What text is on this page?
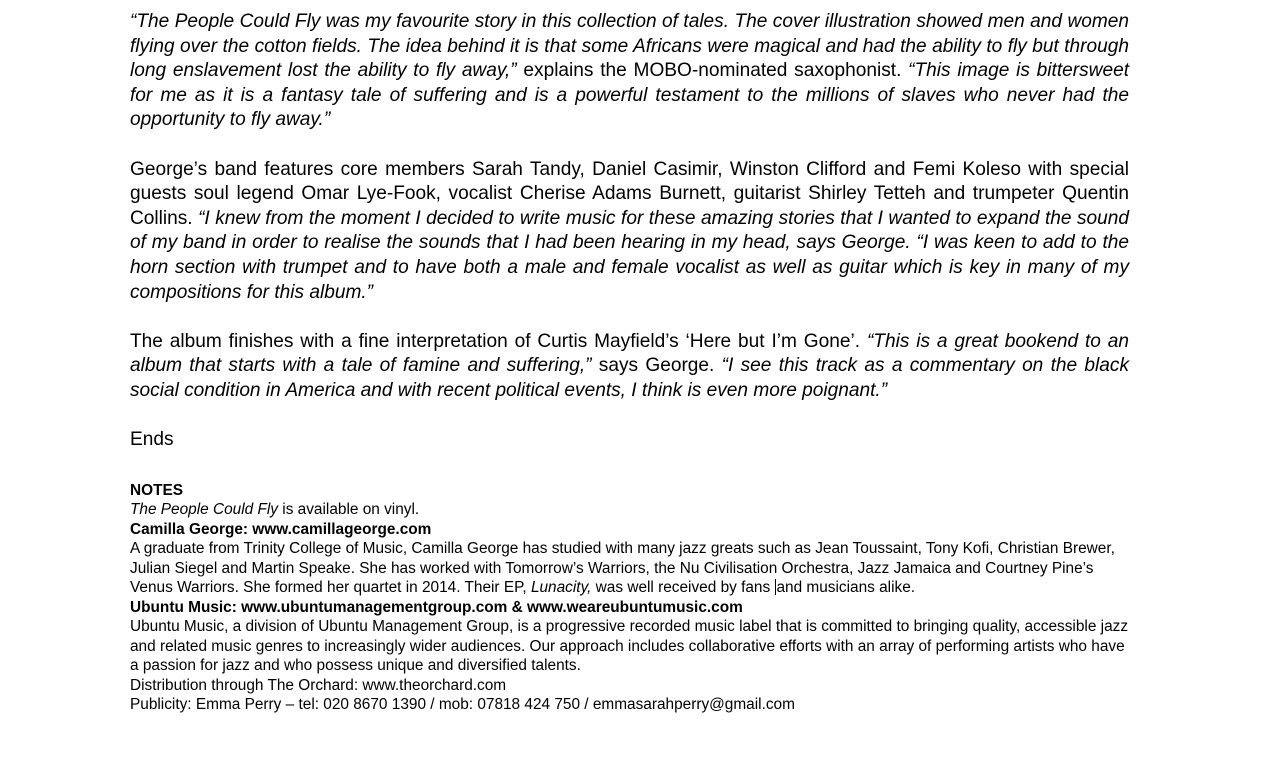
“The People Could Fly was my favourite story in this collection of tales. The cover illustration showed men and women flying over the cotton fields. The idea behind it is that some Africans were magical and had the ability to fly but through long enslavement lost the ability to fly away,” explains the MOBO-nominated saxophonist. “This image is bittersweet for me as it is a fantasy tale of suffering and is a powerful testament to the millions of slaves who never had the opportunity to fly away.”

George’s band features core members Sarah Tandy, Daniel Casimir, Winston Clifford and Femi Koleso with special guests soul legend Omar Lye-Fook, vocalist Cherise Adams Burnett, guitarist Shirley Tetteh and trumpeter Quentin Collins. “I knew from the moment I decided to write music for these amazing stories that I wanted to expand the sound of my band in order to realise the sounds that I had been hearing in my head, says George. “I was keen to add to the horn section with trumpet and to have both a male and female vocalist as well as guitar which is key in many of my compositions for this album.”

The album finishes with a fine interpretation of Curtis Mayfield’s ‘Here but I’m Gone’. “This is a great bookend to an album that starts with a tale of famine and suffering,” says George. “I see this track as a commentary on the black social condition in America and with recent political events, I think is even more poignant.”

Ends
NOTES
The People Could Fly is available on vinyl.
Camilla George: www.camillageorge.com
A graduate from Trinity College of Music, Camilla George has studied with many jazz greats such as Jean Toussaint, Tony Kofi, Christian Brewer, Julian Siegel and Martin Speake. She has worked with Tomorrow’s Warriors, the Nu Civilisation Orchestra, Jazz Jamaica and Courtney Pine’s Venus Warriors. She formed her quartet in 2014. Their EP, Lunacity, was well received by fans and musicians alike.
Ubuntu Music: www.ubuntumanagementgroup.com & www.weareubuntumusic.com
Ubuntu Music, a division of Ubuntu Management Group, is a progressive recorded music label that is committed to bringing quality, accessible jazz and related music genres to increasingly wider audiences. Our approach includes collaborative efforts with an array of performing artists who have a passion for jazz and who possess unique and diversified talents.
Distribution through The Orchard: www.theorchard.com
Publicity: Emma Perry – tel: 020 8670 1390 / mob: 07818 424 750 / emmasarahperry@gmail.com
